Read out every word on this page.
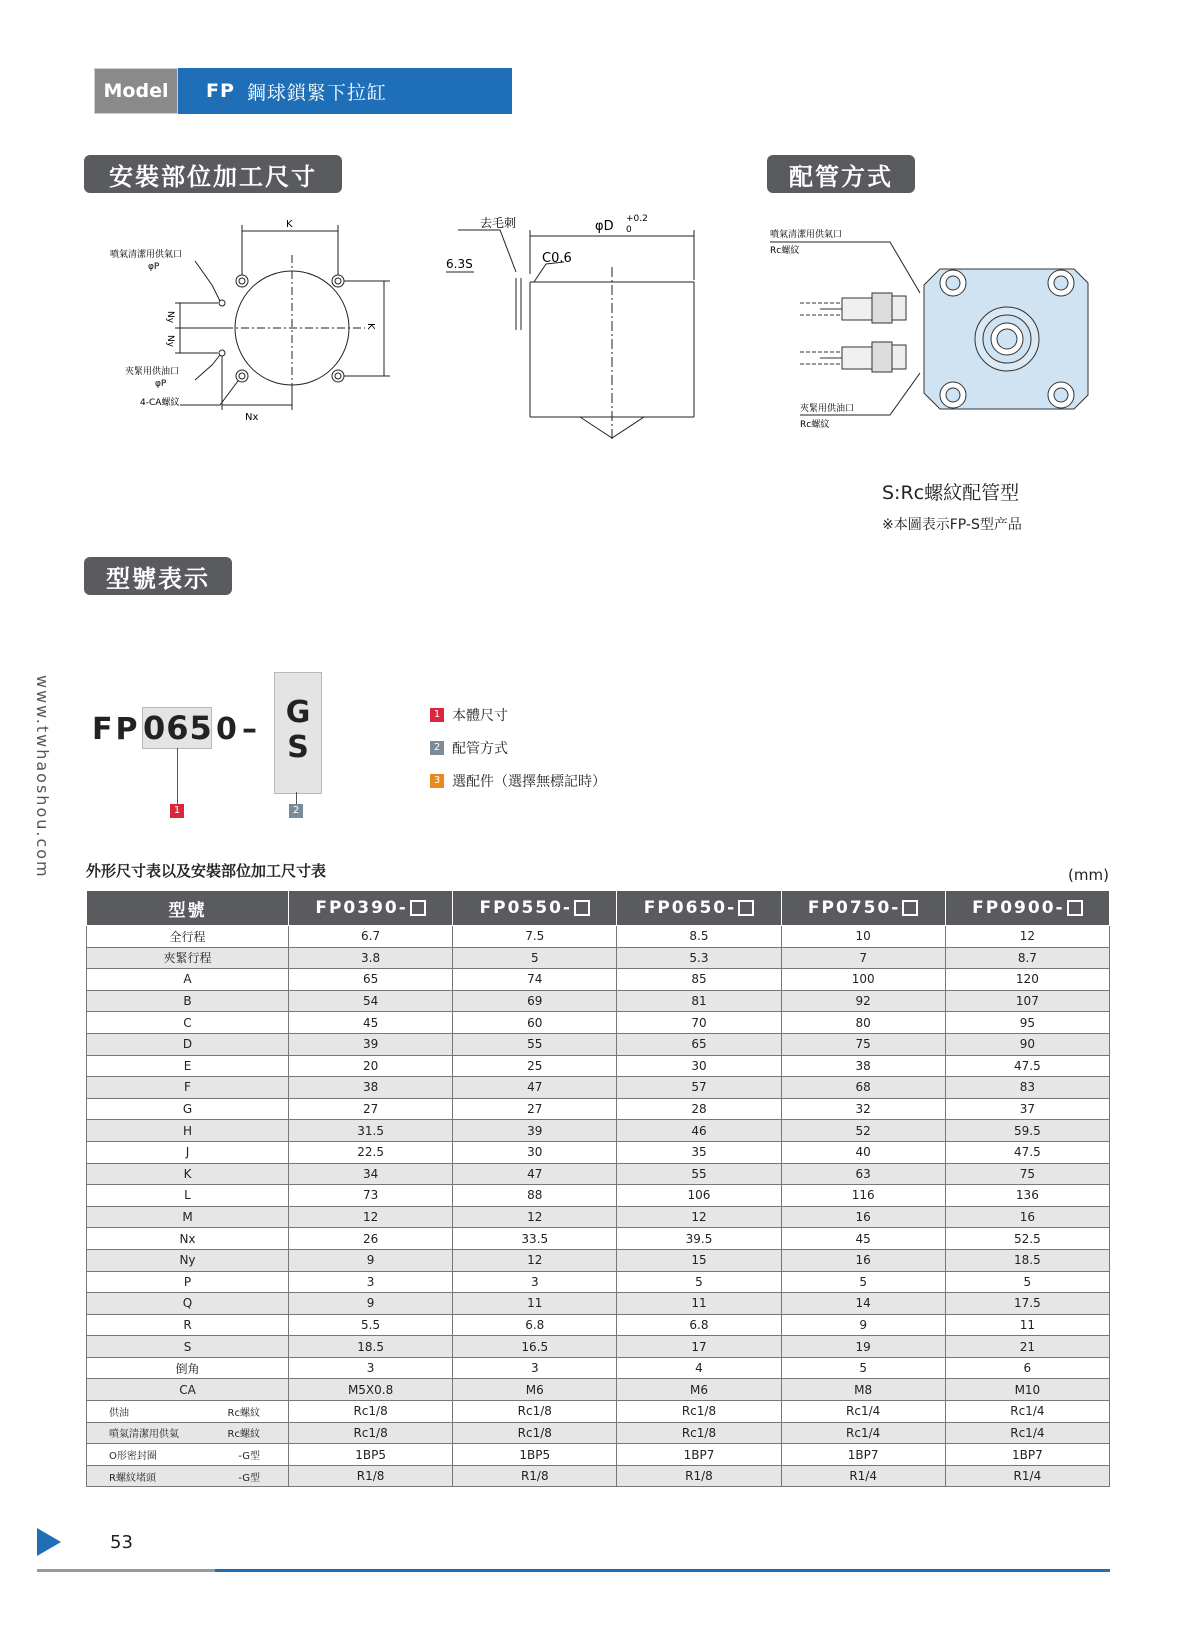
Model	FP 鋼球鎖緊下拉缸
安裝部位加工尺寸	配管方式
型號表示
K
K
噴氣清潔用供氣口
φP
Ny
Ny
夾緊用供油口
φP
4-CA螺紋
Nx
去毛刺	φD +0.2
0
6.3S	C0.6
噴氣清潔用供氣口
Rc螺紋
夾緊用供油口
Rc螺紋
S:Rc螺紋配管型
※本圖表示FP-S型产品
FP 065 0 – G
S
1	2
1 本體尺寸
2 配管方式
3 選配件（選擇無標記時）
www.twhaoshou.com 外形尺寸表以及安裝部位加工尺寸表	(mm)
型號		FP0390-	FP0550-	FP0650-	FP0750-	FP0900-
全行程		6.7	7.5	8.5	10	12
夾緊行程		3.8	5	5.3	7	8.7
A		65	74	85	100	120
B		54	69	81	92	107
C		45	60	70	80	95
D		39	55	65	75	90
E		20	25	30	38	47.5
F		38	47	57	68	83
G		27	27	28	32	37
H		31.5	39	46	52	59.5
J		22.5	30	35	40	47.5
K		34	47	55	63	75
L		73	88	106	116	136
M		12	12	12	16	16
Nx		26	33.5	39.5	45	52.5
Ny		9	12	15	16	18.5
P		3	3	5	5	5
Q		9	11	11	14	17.5
R		5.5	6.8	6.8	9	11
S		18.5	16.5	17	19	21
倒角		3	3	4	5	6
CA		M5X0.8	M6	M6	M8	M10
供油	Rc螺紋	Rc1/8	Rc1/8	Rc1/8	Rc1/4	Rc1/4
噴氣清潔用供氣	Rc螺紋	Rc1/8	Rc1/8	Rc1/8	Rc1/4	Rc1/4
O形密封圈	-G型	1BP5	1BP5	1BP7	1BP7	1BP7
R螺紋堵頭	-G型	R1/8	R1/8	R1/8	R1/4	R1/4
53
